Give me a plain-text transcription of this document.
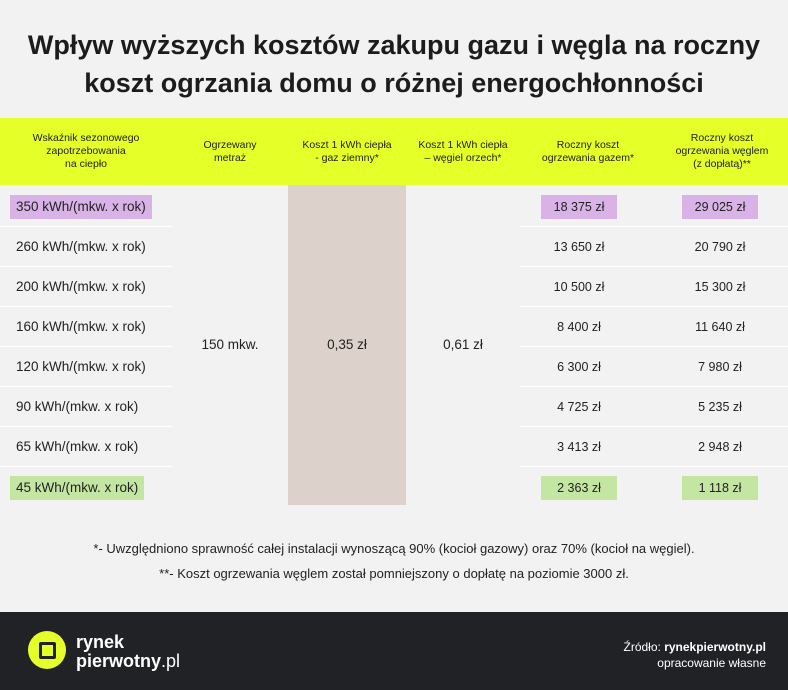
Wpływ wyższych kosztów zakupu gazu i węgla na roczny
koszt ogrzania domu o różnej energochłonności
Wskaźnik sezonowego
zapotrzebowania
na ciepło
Ogrzewany
metraż
Koszt 1 kWh ciepła
- gaz ziemny*
Koszt 1 kWh ciepła
– węgiel orzech*
Roczny koszt
ogrzewania gazem*
Roczny koszt
ogrzewania węglem
(z dopłatą)**
350 kWh/(mkw. x rok)
260 kWh/(mkw. x rok)
200 kWh/(mkw. x rok)
160 kWh/(mkw. x rok)
120 kWh/(mkw. x rok)
90 kWh/(mkw. x rok)
65 kWh/(mkw. x rok)
45 kWh/(mkw. x rok)
150 mkw.	0,35 zł	0,61 zł
18 375 zł
13 650 zł
10 500 zł
8 400 zł
6 300 zł
4 725 zł
3 413 zł
2 363 zł
29 025 zł
20 790 zł
15 300 zł
11 640 zł
7 980 zł
5 235 zł
2 948 zł
1 118 zł
*- Uwzględniono sprawność całej instalacji wynoszącą 90% (kocioł gazowy) oraz 70% (kocioł na węgiel).
**- Koszt ogrzewania węglem został pomniejszony o dopłatę na poziomie 3000 zł.
rynek
pierwotny.pl
Źródło: rynekpierwotny.pl
opracowanie własne
